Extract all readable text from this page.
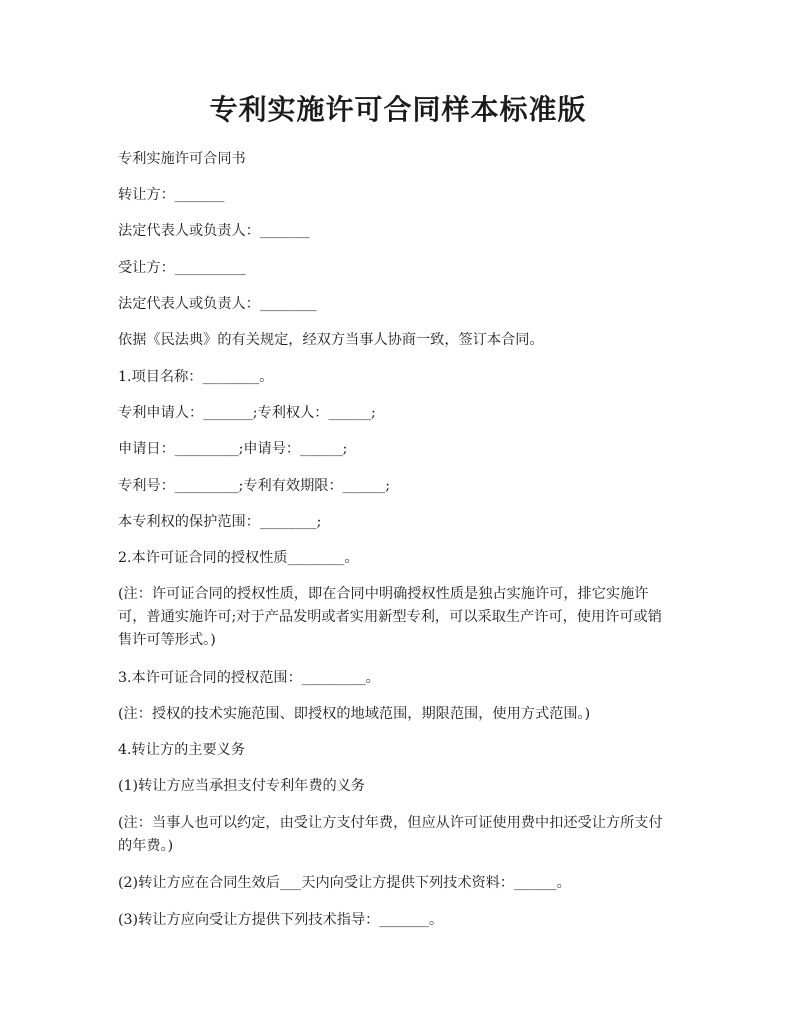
专利实施许可合同样本标准版

专利实施许可合同书

转让方：_______

法定代表人或负责人：_______

受让方：__________

法定代表人或负责人：________

依据《民法典》的有关规定，经双方当事人协商一致，签订本合同。

1.项目名称：________。

专利申请人：_______;专利权人：______;

申请日：_________;申请号：______;

专利号：_________;专利有效期限：______;

本专利权的保护范围：________;

2.本许可证合同的授权性质________。

(注：许可证合同的授权性质，即在合同中明确授权性质是独占实施许可，排它实施许可，普通实施许可;对于产品发明或者实用新型专利，可以采取生产许可，使用许可或销售许可等形式。)

3.本许可证合同的授权范围：_________。

(注：授权的技术实施范围、即授权的地域范围，期限范围，使用方式范围。)

4.转让方的主要义务

(1)转让方应当承担支付专利年费的义务

(注：当事人也可以约定，由受让方支付年费，但应从许可证使用费中扣还受让方所支付的年费。)

(2)转让方应在合同生效后___天内向受让方提供下列技术资料：______。

(3)转让方应向受让方提供下列技术指导：_______。
